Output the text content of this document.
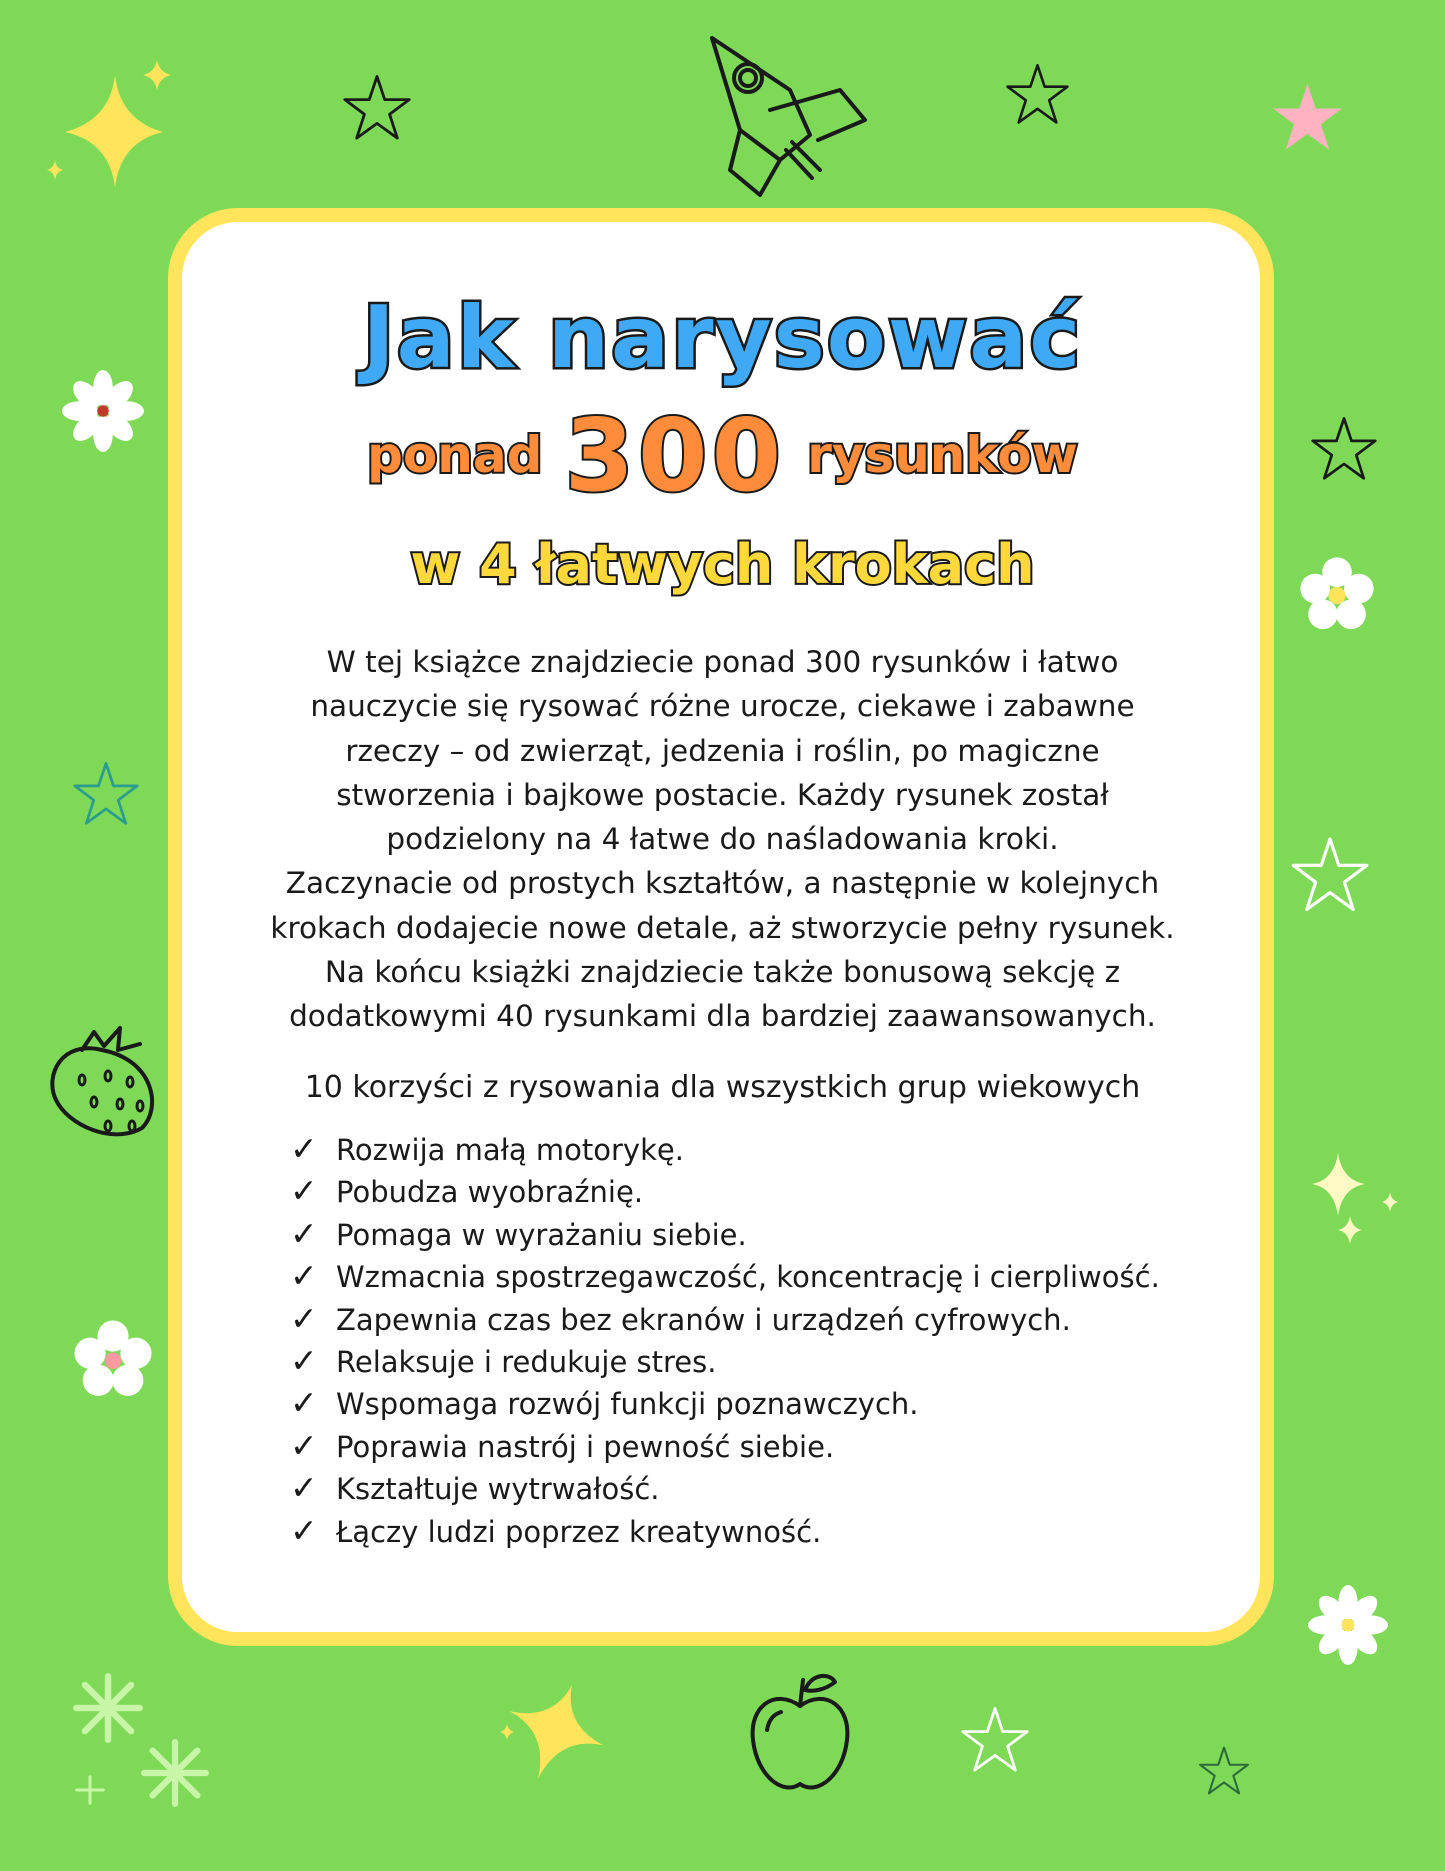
Jak narysować
ponad 300 rysunków
w 4 łatwych krokach
W tej książce znajdziecie ponad 300 rysunków i łatwo
nauczycie się rysować różne urocze, ciekawe i zabawne
rzeczy – od zwierząt, jedzenia i roślin, po magiczne
stworzenia i bajkowe postacie. Każdy rysunek został
podzielony na 4 łatwe do naśladowania kroki.
Zaczynacie od prostych kształtów, a następnie w kolejnych
krokach dodajecie nowe detale, aż stworzycie pełny rysunek.
Na końcu książki znajdziecie także bonusową sekcję z
dodatkowymi 40 rysunkami dla bardziej zaawansowanych.
10 korzyści z rysowania dla wszystkich grup wiekowych
✓ Rozwija małą motorykę.
✓ Pobudza wyobraźnię.
✓ Pomaga w wyrażaniu siebie.
✓ Wzmacnia spostrzegawczość, koncentrację i cierpliwość.
✓ Zapewnia czas bez ekranów i urządzeń cyfrowych.
✓ Relaksuje i redukuje stres.
✓ Wspomaga rozwój funkcji poznawczych.
✓ Poprawia nastrój i pewność siebie.
✓ Kształtuje wytrwałość.
✓ Łączy ludzi poprzez kreatywność.
